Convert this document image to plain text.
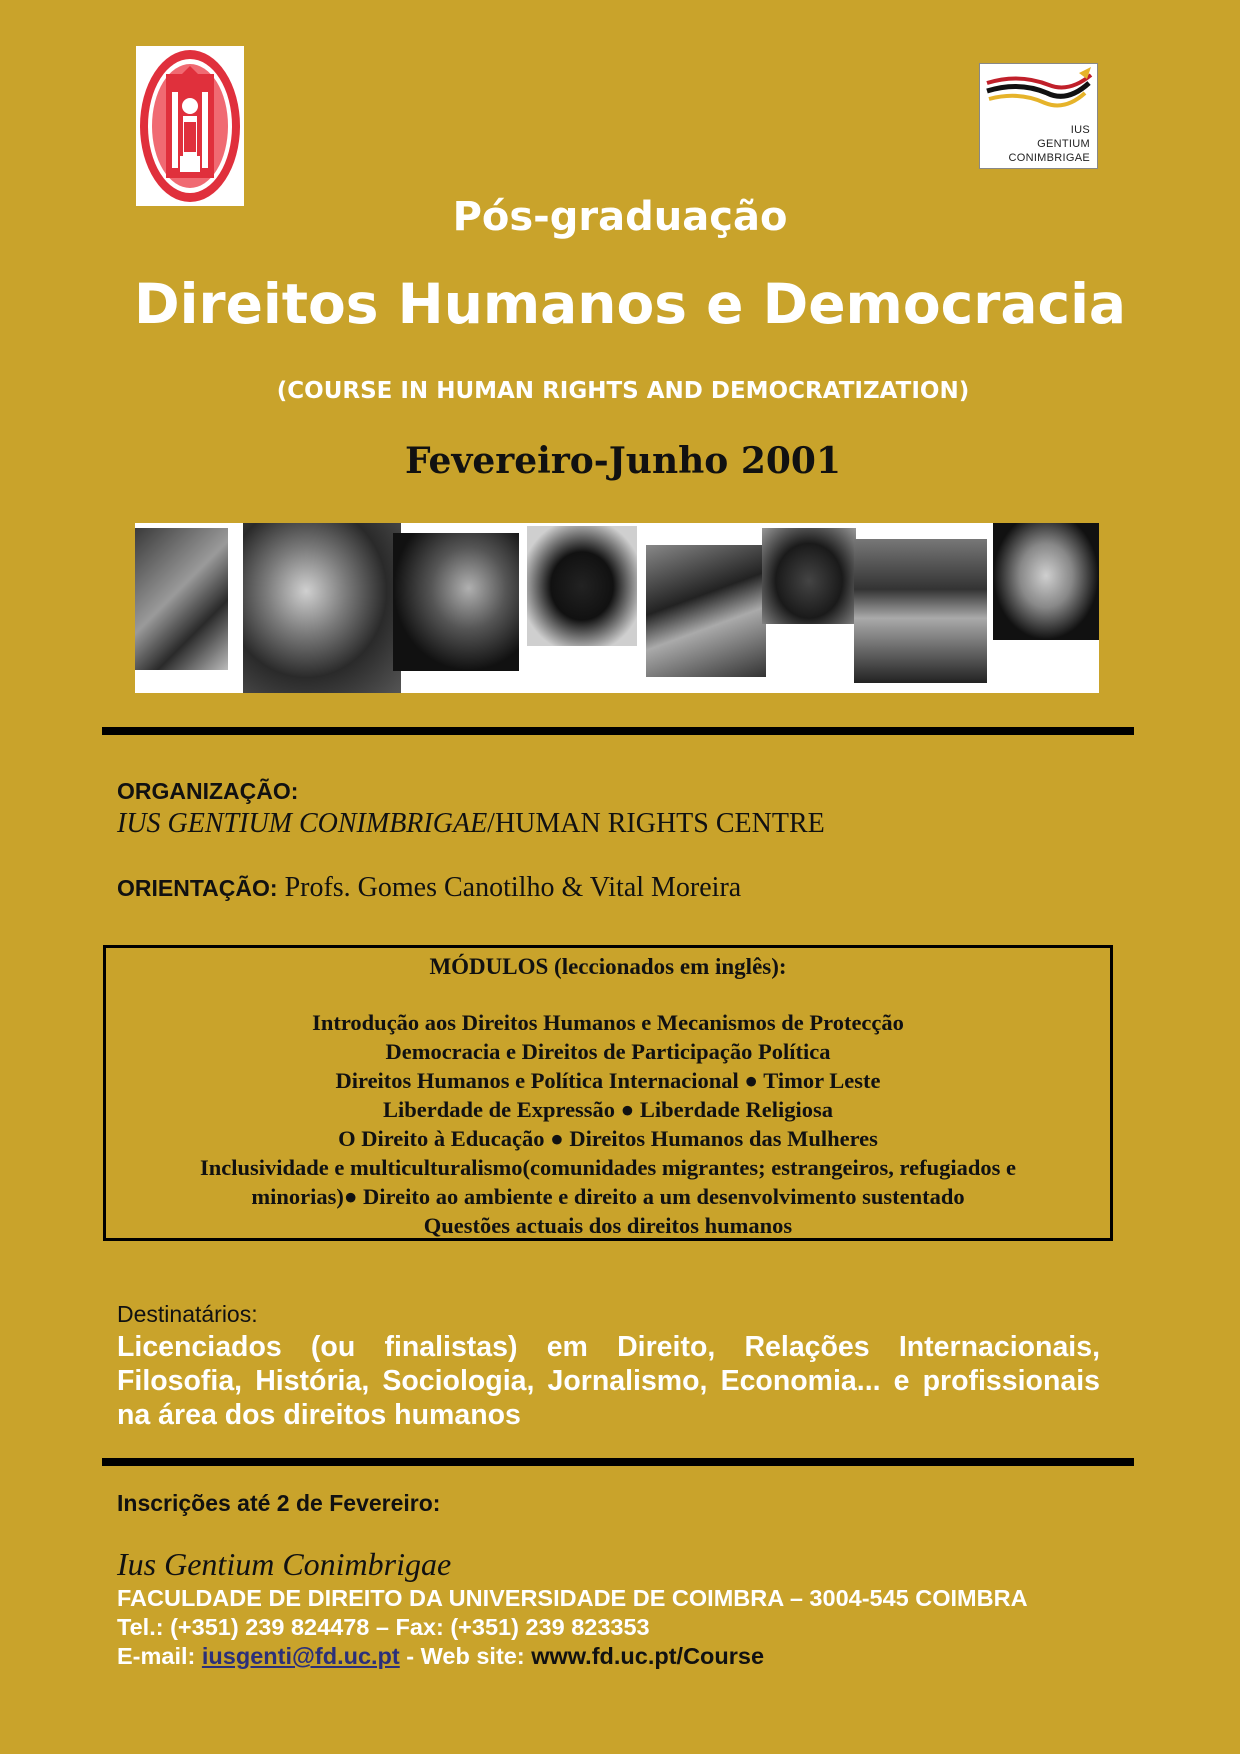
IUS
GENTIUM
CONIMBRIGAE
Pós-graduação
Direitos Humanos e Democracia
(COURSE IN HUMAN RIGHTS AND DEMOCRATIZATION)
Fevereiro-Junho 2001
ORGANIZAÇÃO:
IUS GENTIUM CONIMBRIGAE/HUMAN RIGHTS CENTRE
ORIENTAÇÃO: Profs. Gomes Canotilho & Vital Moreira
MÓDULOS (leccionados em inglês):
Introdução aos Direitos Humanos e Mecanismos de Protecção
Democracia e Direitos de Participação Política
Direitos Humanos e Política Internacional ● Timor Leste
Liberdade de Expressão ● Liberdade Religiosa
O Direito à Educação ● Direitos Humanos das Mulheres
Inclusividade e multiculturalismo(comunidades migrantes; estrangeiros, refugiados e
minorias)● Direito ao ambiente e direito a um desenvolvimento sustentado
Questões actuais dos direitos humanos
Destinatários:
Licenciados (ou finalistas) em Direito, Relações Internacionais, Filosofia, História, Sociologia, Jornalismo, Economia... e profissionais na área dos direitos humanos
Inscrições até 2 de Fevereiro:
Ius Gentium Conimbrigae
FACULDADE DE DIREITO DA UNIVERSIDADE DE COIMBRA – 3004-545 COIMBRA
Tel.: (+351) 239 824478 – Fax: (+351) 239 823353
E-mail: iusgenti@fd.uc.pt - Web site: www.fd.uc.pt/Course
